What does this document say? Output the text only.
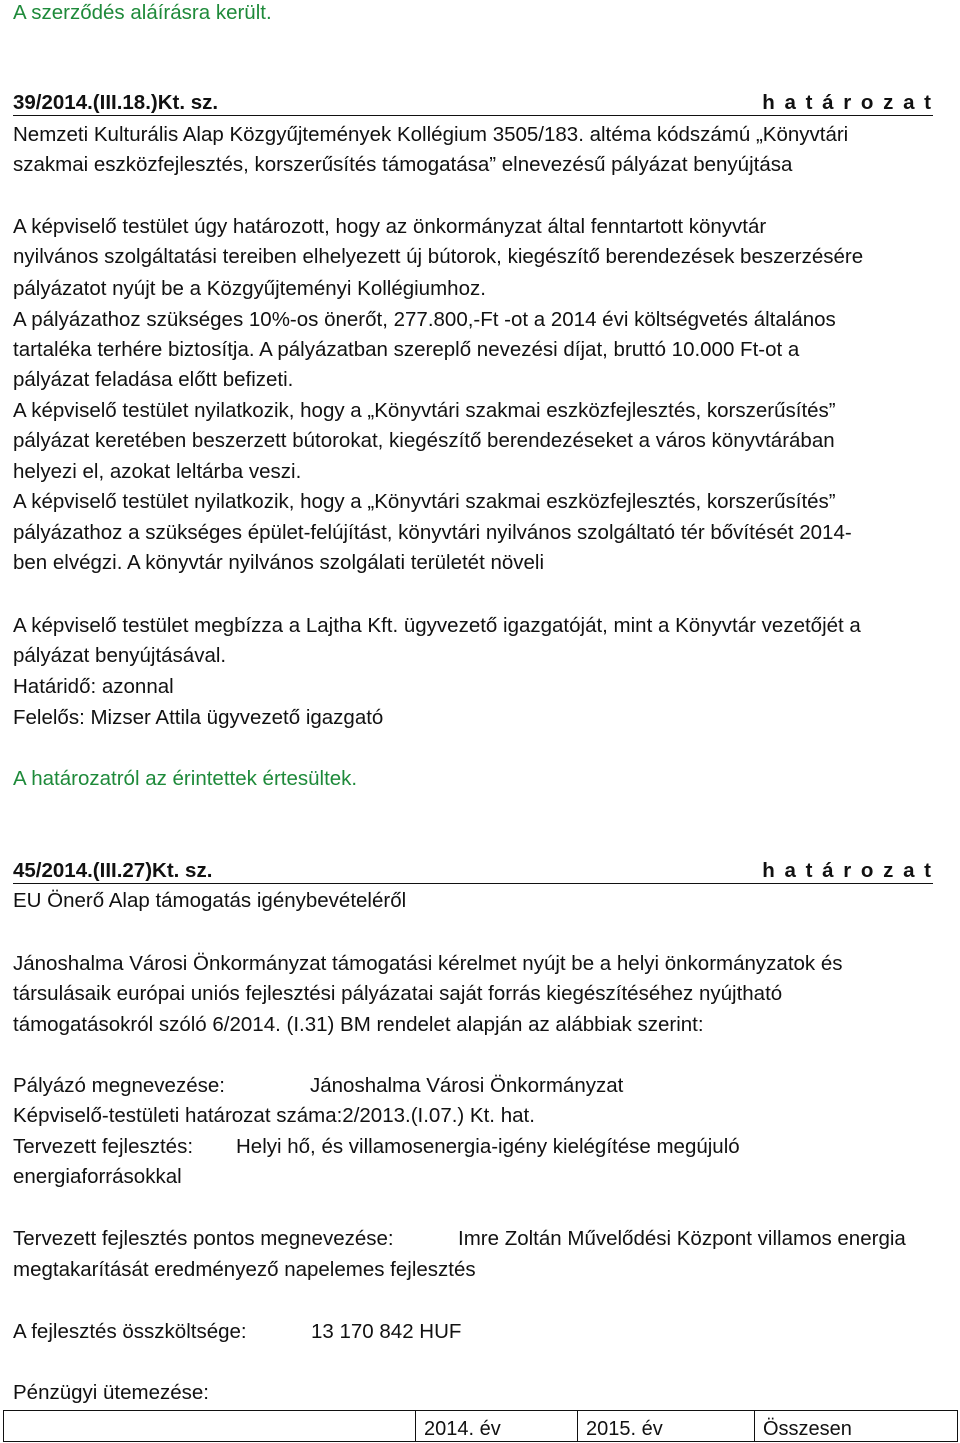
A szerződés aláírásra került.
39/2014.(III.18.)Kt. sz.	h a t á r o z a t
Nemzeti Kulturális Alap Közgyűjtemények Kollégium 3505/183. altéma kódszámú „Könyvtári
szakmai eszközfejlesztés, korszerűsítés támogatása” elnevezésű pályázat benyújtása
A képviselő testület úgy határozott, hogy az önkormányzat által fenntartott könyvtár
nyilvános szolgáltatási tereiben elhelyezett új bútorok, kiegészítő berendezések beszerzésére
pályázatot nyújt be a Közgyűjteményi Kollégiumhoz.
A pályázathoz szükséges 10%-os önerőt, 277.800,-Ft -ot a 2014 évi költségvetés általános
tartaléka terhére biztosítja. A pályázatban szereplő nevezési díjat, bruttó 10.000 Ft-ot a
pályázat feladása előtt befizeti.
A képviselő testület nyilatkozik, hogy a „Könyvtári szakmai eszközfejlesztés, korszerűsítés”
pályázat keretében beszerzett bútorokat, kiegészítő berendezéseket a város könyvtárában
helyezi el, azokat leltárba veszi.
A képviselő testület nyilatkozik, hogy a „Könyvtári szakmai eszközfejlesztés, korszerűsítés”
pályázathoz a szükséges épület-felújítást, könyvtári nyilvános szolgáltató tér bővítését 2014-
ben elvégzi. A könyvtár nyilvános szolgálati területét növeli
A képviselő testület megbízza a Lajtha Kft. ügyvezető igazgatóját, mint a Könyvtár vezetőjét a
pályázat benyújtásával.
Határidő: azonnal
Felelős: Mizser Attila ügyvezető igazgató
A határozatról az érintettek értesültek.
45/2014.(III.27)Kt. sz.	h a t á r o z a t
EU Önerő Alap támogatás igénybevételéről
Jánoshalma Városi Önkormányzat támogatási kérelmet nyújt be a helyi önkormányzatok és
társulásaik európai uniós fejlesztési pályázatai saját forrás kiegészítéséhez nyújtható
támogatásokról szóló 6/2014. (I.31) BM rendelet alapján az alábbiak szerint:
Pályázó megnevezése:	Jánoshalma Városi Önkormányzat
Képviselő-testületi határozat száma:2/2013.(I.07.) Kt. hat.
Tervezett fejlesztés: Helyi hő, és villamosenergia-igény kielégítése megújuló
energiaforrásokkal
Tervezett fejlesztés pontos megnevezése:	Imre Zoltán Művelődési Központ villamos energia
megtakarítását eredményező napelemes fejlesztés
A fejlesztés összköltsége:	13 170 842 HUF
Pénzügyi ütemezése:
	2014. év	2015. év	Összesen
